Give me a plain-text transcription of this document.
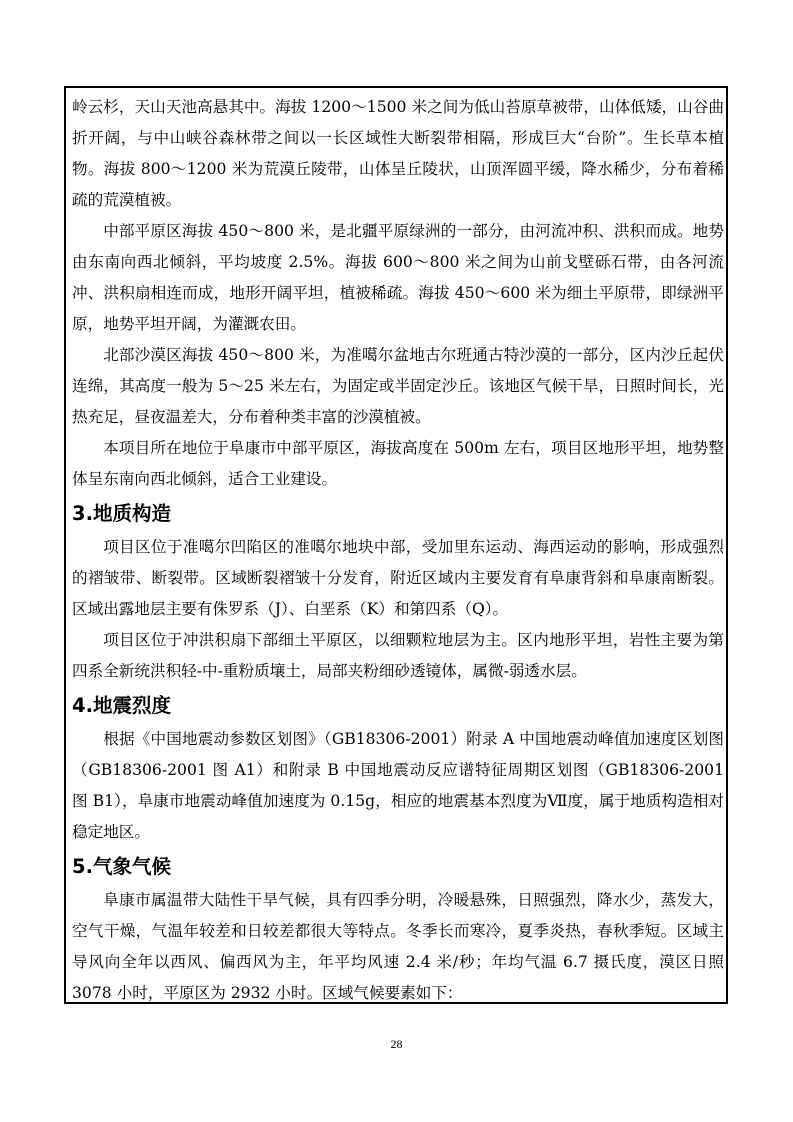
岭云杉，天山天池高悬其中。海拔 1200～1500 米之间为低山苔原草被带，山体低矮，山谷曲折开阔，与中山峡谷森林带之间以一长区域性大断裂带相隔，形成巨大“台阶”。生长草本植物。海拔 800～1200 米为荒漠丘陵带，山体呈丘陵状，山顶浑圆平缓，降水稀少，分布着稀疏的荒漠植被。

中部平原区海拔 450～800 米，是北疆平原绿洲的一部分，由河流冲积、洪积而成。地势由东南向西北倾斜，平均坡度 2.5%。海拔 600～800 米之间为山前戈壁砾石带，由各河流冲、洪积扇相连而成，地形开阔平坦，植被稀疏。海拔 450～600 米为细土平原带，即绿洲平原，地势平坦开阔，为灌溉农田。

北部沙漠区海拔 450～800 米，为准噶尔盆地古尔班通古特沙漠的一部分，区内沙丘起伏连绵，其高度一般为 5～25 米左右，为固定或半固定沙丘。该地区气候干旱，日照时间长，光热充足，昼夜温差大，分布着种类丰富的沙漠植被。

本项目所在地位于阜康市中部平原区，海拔高度在 500m 左右，项目区地形平坦，地势整体呈东南向西北倾斜，适合工业建设。

3.地质构造

项目区位于准噶尔凹陷区的准噶尔地块中部，受加里东运动、海西运动的影响，形成强烈的褶皱带、断裂带。区域断裂褶皱十分发育，附近区域内主要发育有阜康背斜和阜康南断裂。区域出露地层主要有侏罗系（J）、白垩系（K）和第四系（Q）。

项目区位于冲洪积扇下部细土平原区，以细颗粒地层为主。区内地形平坦，岩性主要为第四系全新统洪积轻-中-重粉质壤土，局部夹粉细砂透镜体，属微-弱透水层。

4.地震烈度

根据《中国地震动参数区划图》（GB18306-2001）附录 A 中国地震动峰值加速度区划图（GB18306-2001 图 A1）和附录 B 中国地震动反应谱特征周期区划图（GB18306-2001 图 B1），阜康市地震动峰值加速度为 0.15g，相应的地震基本烈度为Ⅶ度，属于地质构造相对稳定地区。

5.气象气候

阜康市属温带大陆性干旱气候，具有四季分明，冷暖悬殊，日照强烈，降水少，蒸发大，空气干燥，气温年较差和日较差都很大等特点。冬季长而寒冷，夏季炎热，春秋季短。区域主导风向全年以西风、偏西风为主，年平均风速 2.4 米/秒；年均气温 6.7 摄氏度，漠区日照 3078 小时，平原区为 2932 小时。区域气候要素如下：

28
